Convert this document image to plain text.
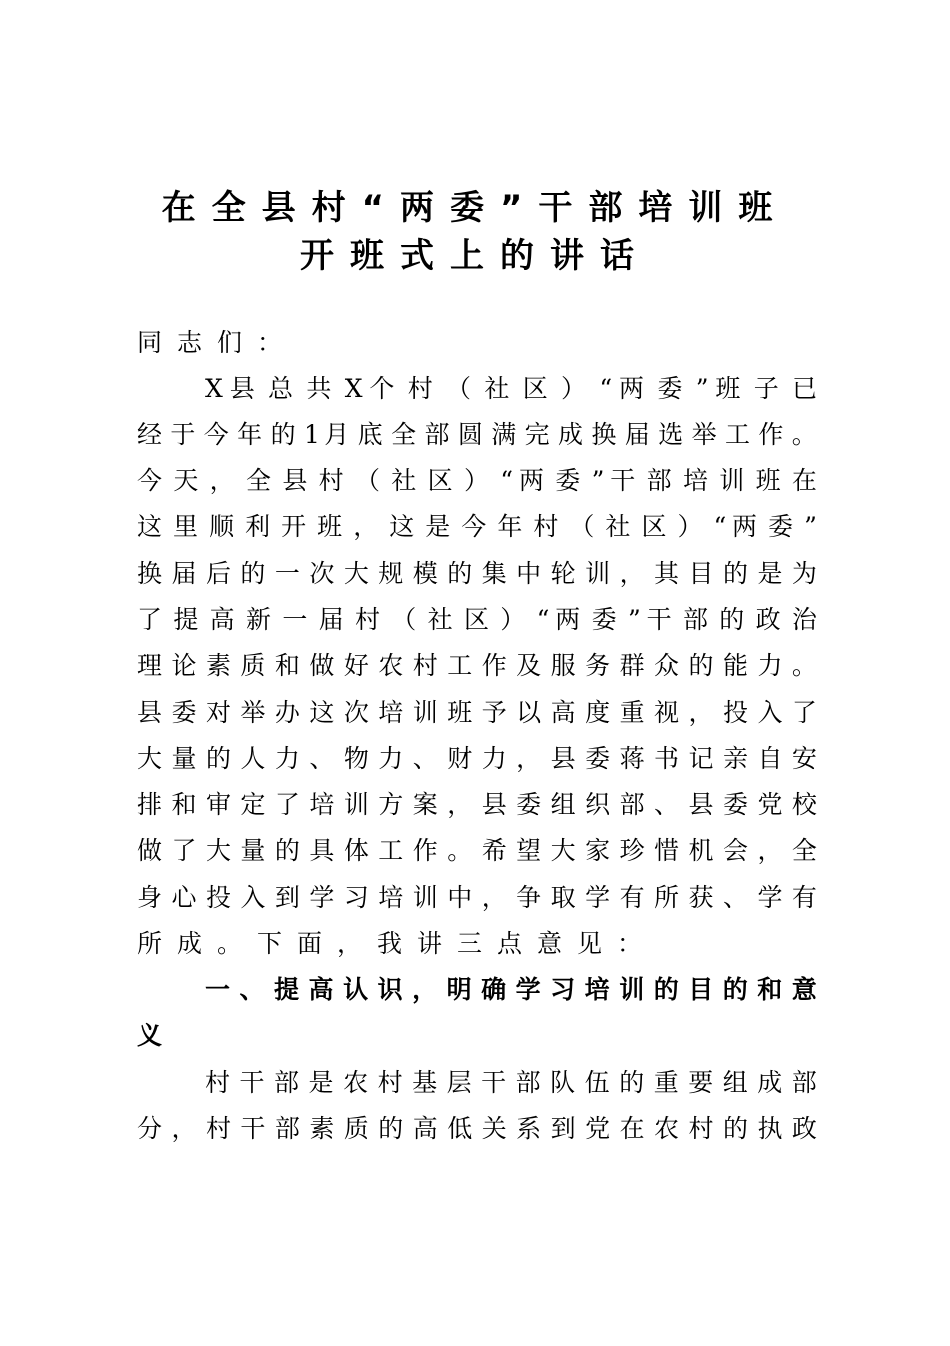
在全县村“两委”干部培训班
开班式上的讲话
同志们：
X 县 总 共 X 个 村 （ 社 区 ） “ 两 委 ” 班 子 已
经 于 今 年 的 1 月 底 全 部 圆 满 完 成 换 届 选 举 工 作 。
今 天 ， 全 县 村 （ 社 区 ） “ 两 委 ” 干 部 培 训 班 在
这 里 顺 利 开 班 ， 这 是 今 年 村 （ 社 区 ） “ 两 委 ”
换 届 后 的 一 次 大 规 模 的 集 中 轮 训 ， 其 目 的 是 为
了 提 高 新 一 届 村 （ 社 区 ） “ 两 委 ” 干 部 的 政 治
理 论 素 质 和 做 好 农 村 工 作 及 服 务 群 众 的 能 力 。
县 委 对 举 办 这 次 培 训 班 予 以 高 度 重 视 ， 投 入 了
大 量 的 人 力 、 物 力 、 财 力 ， 县 委 蒋 书 记 亲 自 安
排 和 审 定 了 培 训 方 案 ， 县 委 组 织 部 、 县 委 党 校
做 了 大 量 的 具 体 工 作 。 希 望 大 家 珍 惜 机 会 ， 全
身 心 投 入 到 学 习 培 训 中 ， 争 取 学 有 所 获 、 学 有
所成。下面，我讲三点意见：
一 、 提 高 认 识 ， 明 确 学 习 培 训 的 目 的 和 意
义
村 干 部 是 农 村 基 层 干 部 队 伍 的 重 要 组 成 部
分 ， 村 干 部 素 质 的 高 低 关 系 到 党 在 农 村 的 执 政
